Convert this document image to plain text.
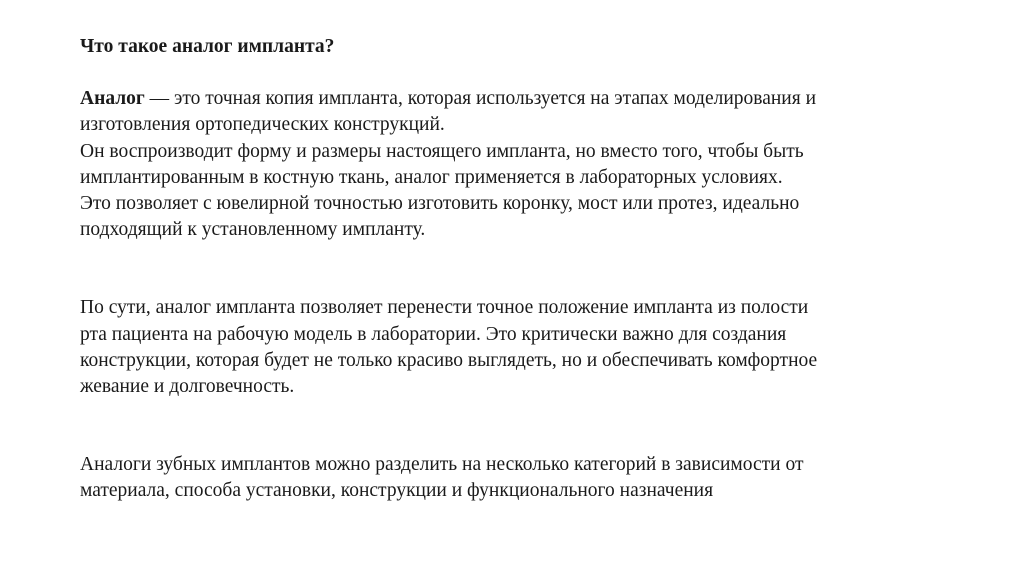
Что такое аналог импланта?

Аналог — это точная копия импланта, которая используется на этапах моделирования и
изготовления ортопедических конструкций.
Он воспроизводит форму и размеры настоящего импланта, но вместо того, чтобы быть
имплантированным в костную ткань, аналог применяется в лабораторных условиях.
Это позволяет с ювелирной точностью изготовить коронку, мост или протез, идеально
подходящий к установленному импланту.
По сути, аналог импланта позволяет перенести точное положение импланта из полости
рта пациента на рабочую модель в лаборатории. Это критически важно для создания
конструкции, которая будет не только красиво выглядеть, но и обеспечивать комфортное
жевание и долговечность.
Аналоги зубных имплантов можно разделить на несколько категорий в зависимости от
материала, способа установки, конструкции и функционального назначения
